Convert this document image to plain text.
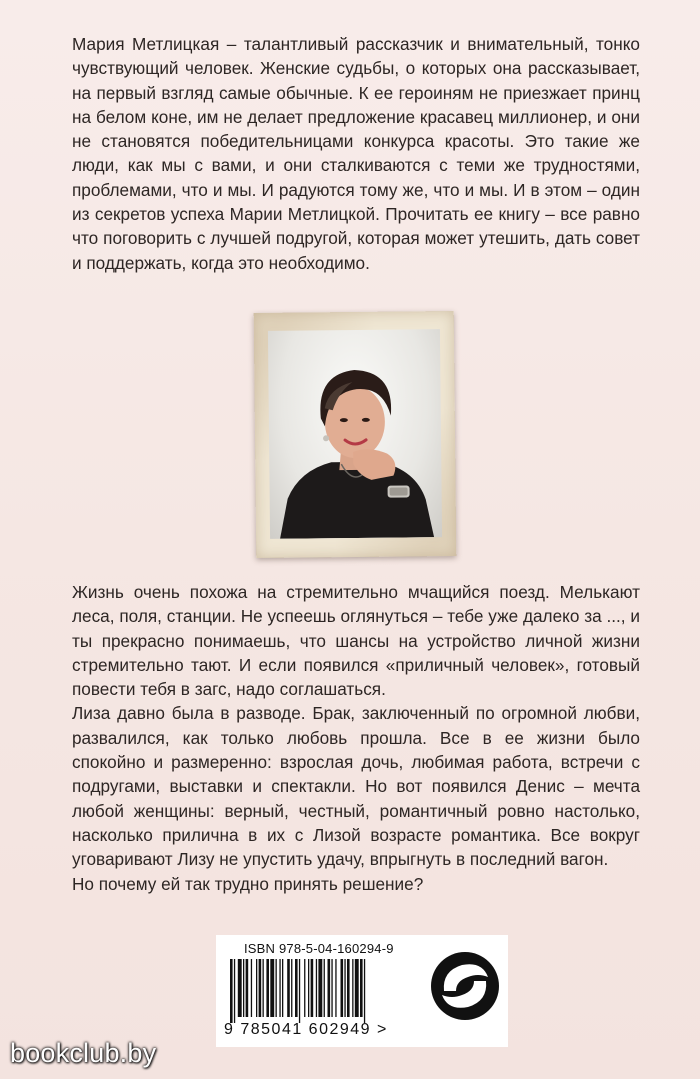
Мария Метлицкая – талантливый рассказчик и внимательный, тонко чувствующий человек. Женские судьбы, о которых она рассказывает, на первый взгляд самые обычные. К ее героиням не приезжает принц на белом коне, им не делает предложение красавец миллионер, и они не становятся победительницами конкурса красоты. Это такие же люди, как мы с вами, и они сталкиваются с теми же трудностями, проблемами, что и мы. И радуются тому же, что и мы. И в этом – один из секретов успеха Марии Метлицкой. Прочитать ее книгу – все равно что поговорить с лучшей подругой, которая может утешить, дать совет и поддержать, когда это необходимо.

Жизнь очень похожа на стремительно мчащийся поезд. Мелькают леса, поля, станции. Не успеешь оглянуться – тебе уже далеко за ..., и ты прекрасно понимаешь, что шансы на устройство личной жизни стремительно тают. И если появился «приличный человек», готовый повести тебя в загс, надо соглашаться.

Лиза давно была в разводе. Брак, заключенный по огромной любви, развалился, как только любовь прошла. Все в ее жизни было спокойно и размеренно: взрослая дочь, любимая работа, встречи с подругами, выставки и спектакли. Но вот появился Денис – мечта любой женщины: верный, честный, романтичный ровно настолько, насколько прилична в их с Лизой возрасте романтика. Все вокруг уговаривают Лизу не упустить удачу, впрыгнуть в последний вагон.

Но почему ей так трудно принять решение?

ISBN 978-5-04-160294-9
9 785041 602949 >
bookclub.by
